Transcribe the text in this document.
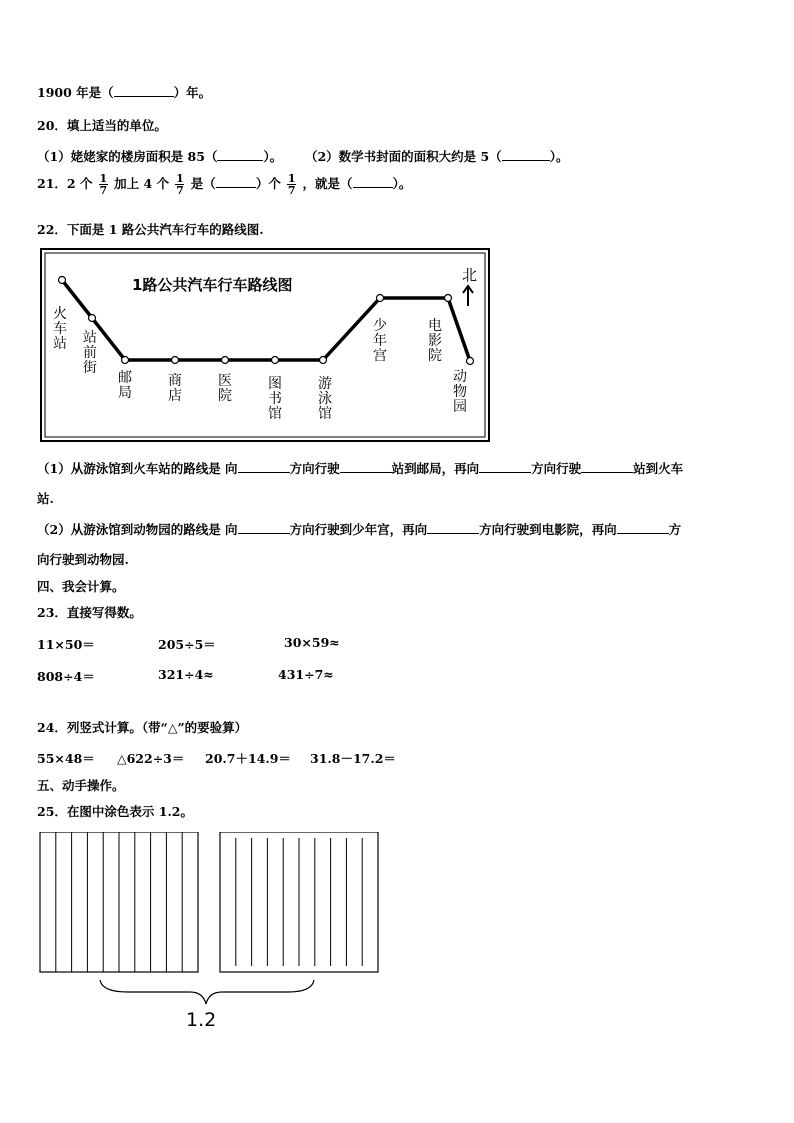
1900 年是（	）年。
20．填上适当的单位。
（1）姥姥家的楼房面积是 85（	）。 （2）数学书封面的面积大约是 5（	）。
21．2 个 $\frac{1}{7}$ 加上 4 个 $\frac{1}{7}$ 是（	）个 $\frac{1}{7}$ ，就是（	）。
22．下面是 1 路公共汽车行车的路线图.
1路公共汽车行车路线图
北
火车站 站前街
邮局
商店
医院
图书馆
游泳馆
少年宫
电影院
动物园
（1）从游泳馆到火车站的路线是 向	方向行驶	站到邮局，再向	方向行驶	站到火车
站.
（2）从游泳馆到动物园的路线是 向	方向行驶到少年宫，再向	方向行驶到电影院，再向	方
向行驶到动物园.
四、我会计算。
23．直接写得数。
11×50＝	205÷5＝	30×59≈
808÷4＝	321÷4≈	431÷7≈
24．列竖式计算。（带“△”的要验算）
55×48＝ △622÷3＝ 20.7＋14.9＝ 31.8－17.2＝
五、动手操作。
25．在图中涂色表示 1.2。
1.2
